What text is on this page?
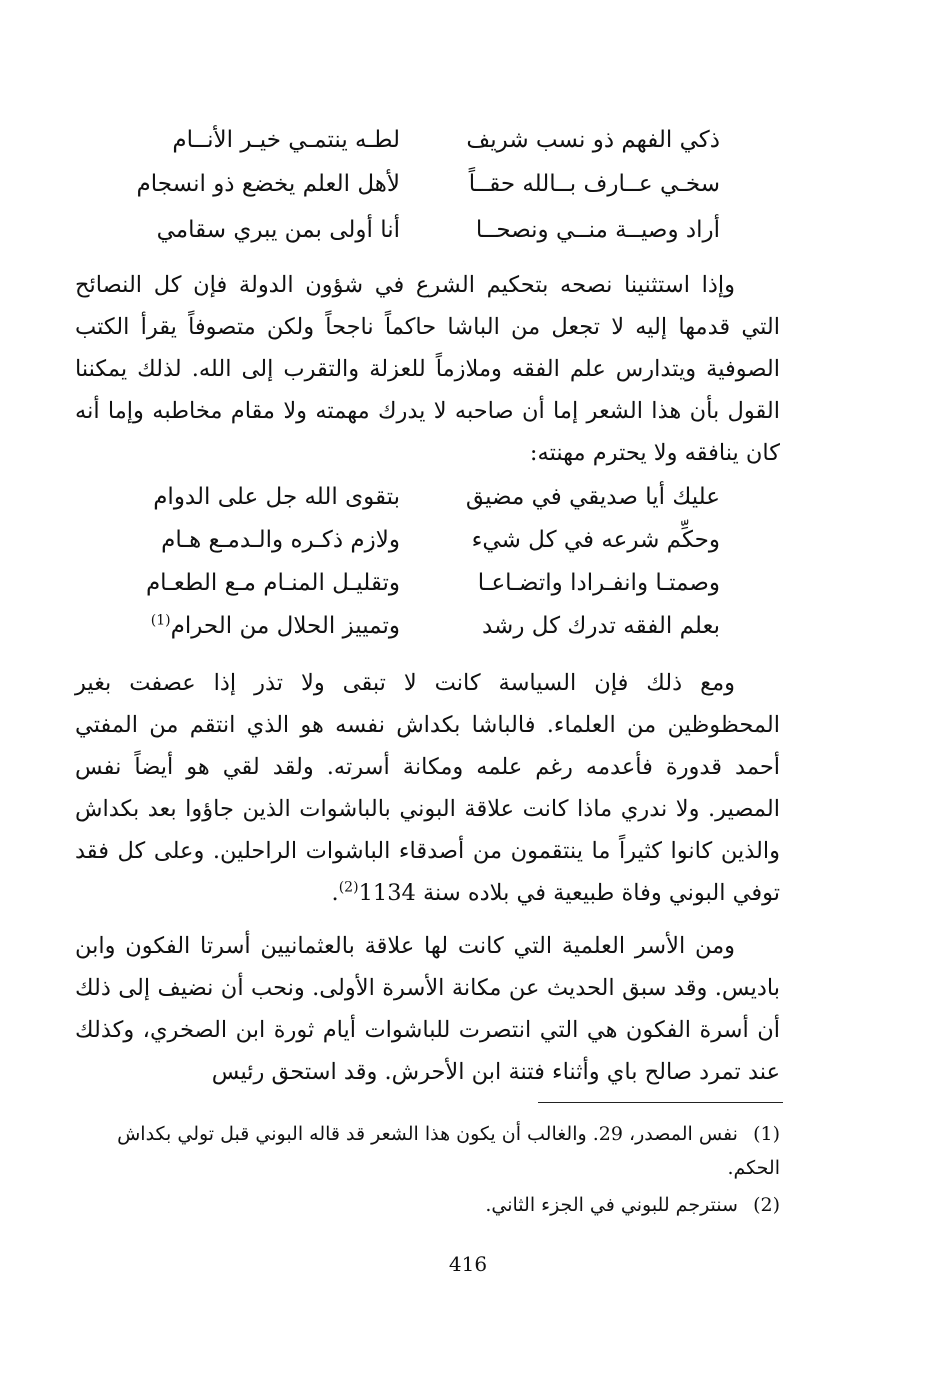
ذكي الفهم ذو نسب شريف
لطـه ينتمـي خيـر الأنــام
سخـي عــارف بــالله حقــاً
لأهل العلم يخضع ذو انسجام
أراد وصيــة منــي ونصحــا
أنا أولى بمن يبري سقامي

وإذا استثنينا نصحه بتحكيم الشرع في شؤون الدولة فإن كل النصائح التي قدمها إليه لا تجعل من الباشا حاكماً ناجحاً ولكن متصوفاً يقرأ الكتب الصوفية ويتدارس علم الفقه وملازماً للعزلة والتقرب إلى الله. لذلك يمكننا القول بأن هذا الشعر إما أن صاحبه لا يدرك مهمته ولا مقام مخاطبه وإما أنه كان ينافقه ولا يحترم مهنته:

عليك أيا صديقي في مضيق
بتقوى الله جل على الدوام
وحكِّم شرعه في كل شيء
ولازم ذكـره والـدمـع هـام
وصمتـا وانفـرادا واتضـاعـا
وتقليـل المنـام مـع الطعـام
بعلم الفقه تدرك كل رشد
وتمييز الحلال من الحرام$^{(1)}$

ومع ذلك فإن السياسة كانت لا تبقى ولا تذر إذا عصفت بغير المحظوظين من العلماء. فالباشا بكداش نفسه هو الذي انتقم من المفتي أحمد قدورة فأعدمه رغم علمه ومكانة أسرته. ولقد لقي هو أيضاً نفس المصير. ولا ندري ماذا كانت علاقة البوني بالباشوات الذين جاؤوا بعد بكداش والذين كانوا كثيراً ما ينتقمون من أصدقاء الباشوات الراحلين. وعلى كل فقد توفي البوني وفاة طبيعية في بلاده سنة 1134$^{(2)}$.

ومن الأسر العلمية التي كانت لها علاقة بالعثمانيين أسرتا الفكون وابن باديس. وقد سبق الحديث عن مكانة الأسرة الأولى. ونحب أن نضيف إلى ذلك أن أسرة الفكون هي التي انتصرت للباشوات أيام ثورة ابن الصخري، وكذلك عند تمرد صالح باي وأثناء فتنة ابن الأحرش. وقد استحق رئيس

(1) نفس المصدر، 29. والغالب أن يكون هذا الشعر قد قاله البوني قبل تولي بكداش الحكم.
(2) سنترجم للبوني في الجزء الثاني.
416
